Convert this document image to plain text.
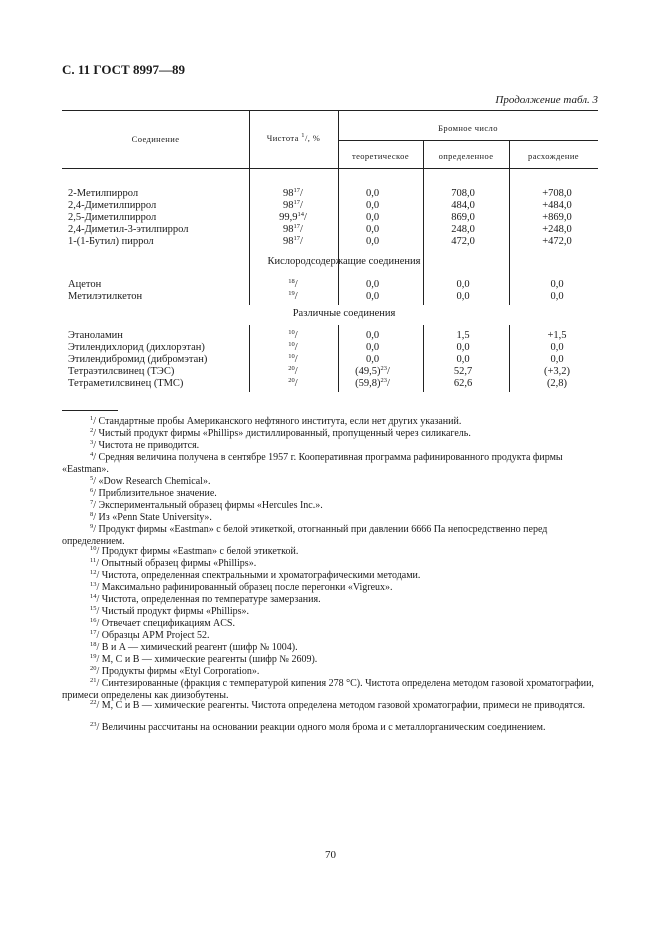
С. 11 ГОСТ 8997—89
Продолжение табл. 3
Соединение	Чистота $^1$/, %
Бромное число
теоретическое	определенное	расхождение
2-Метилпиррол	$98^{17}/$	0,0	708,0	+708,0
2,4-Диметилпиррол	$98^{17}/$	0,0	484,0	+484,0
2,5-Диметилпиррол	99,9$^{14}$/	0,0	869,0	+869,0
2,4-Диметил-3-этилпиррол	$98^{17}/$	0,0	248,0	+248,0
1-(1-Бутил) пиррол	$98^{17}/$	0,0	472,0	+472,0
Ацетон	$^{18}$/	0,0	0,0	0,0
Метилэтилкетон	$^{19}$/	0,0	0,0	0,0
Этаноламин	$^{10}$/	0,0	1,5	+1,5
Этилендихлорид (дихлорэтан)	$^{10}$/	0,0	0,0	0,0
Этилендибромид (дибромэтан)	$^{10}$/	0,0	0,0	0,0
Тетраэтилсвинец (ТЭС)	$^{20}$/	$(49,5)^{23}/$	52,7	(+3,2)
Тетраметилсвинец (ТМС)	$^{20}$/	$(59,8)^{23}/$	62,6	(2,8)
Кислородсодержащие соединения
Различные соединения
$^1$/ Стандартные пробы Американского нефтяного института, если нет других указаний.
$^2$/ Чистый продукт фирмы «Phillips» дистиллированный, пропущенный через силикагель.
$^3$/ Чистота не приводится.
$^4$/ Средняя величина получена в сентябре 1957 г. Кооперативная программа рафинированного продукта фирмы «Eastman».
$^5$/ «Dow Research Chemical».
$^6$/ Приблизительное значение.
$^7$/ Экспериментальный образец фирмы «Hercules Inc.».
$^8$/ Из «Penn State University».
$^9$/ Продукт фирмы «Eastman» с белой этикеткой, отогнанный при давлении 6666 Па непосредственно перед определением.
$^{10}$/ Продукт фирмы «Eastman» с белой этикеткой.
$^{11}$/ Опытный образец фирмы «Phillips».
$^{12}$/ Чистота, определенная спектральными и хроматографическими методами.
$^{13}$/ Максимально рафинированный образец после перегонки «Vigreux».
$^{14}$/ Чистота, определенная по температуре замерзания.
$^{15}$/ Чистый продукт фирмы «Phillips».
$^{16}$/ Отвечает спецификациям ACS.
$^{17}$/ Образцы APM Project 52.
$^{18}$/ B и A — химический реагент (шифр № 1004).
$^{19}$/ M, C и B — химические реагенты (шифр № 2609).
$^{20}$/ Продукты фирмы «Etyl Corporation».
$^{21}$/ Синтезированные (фракция с температурой кипения 278 °C). Чистота определена методом газовой хроматографии, примеси определены как диизобутены.
$^{22}$/ M, C и B — химические реагенты. Чистота определена методом газовой хроматографии, примеси не приводятся.
$^{23}$/ Величины рассчитаны на основании реакции одного моля брома и с металлорганическим соединением.
70
